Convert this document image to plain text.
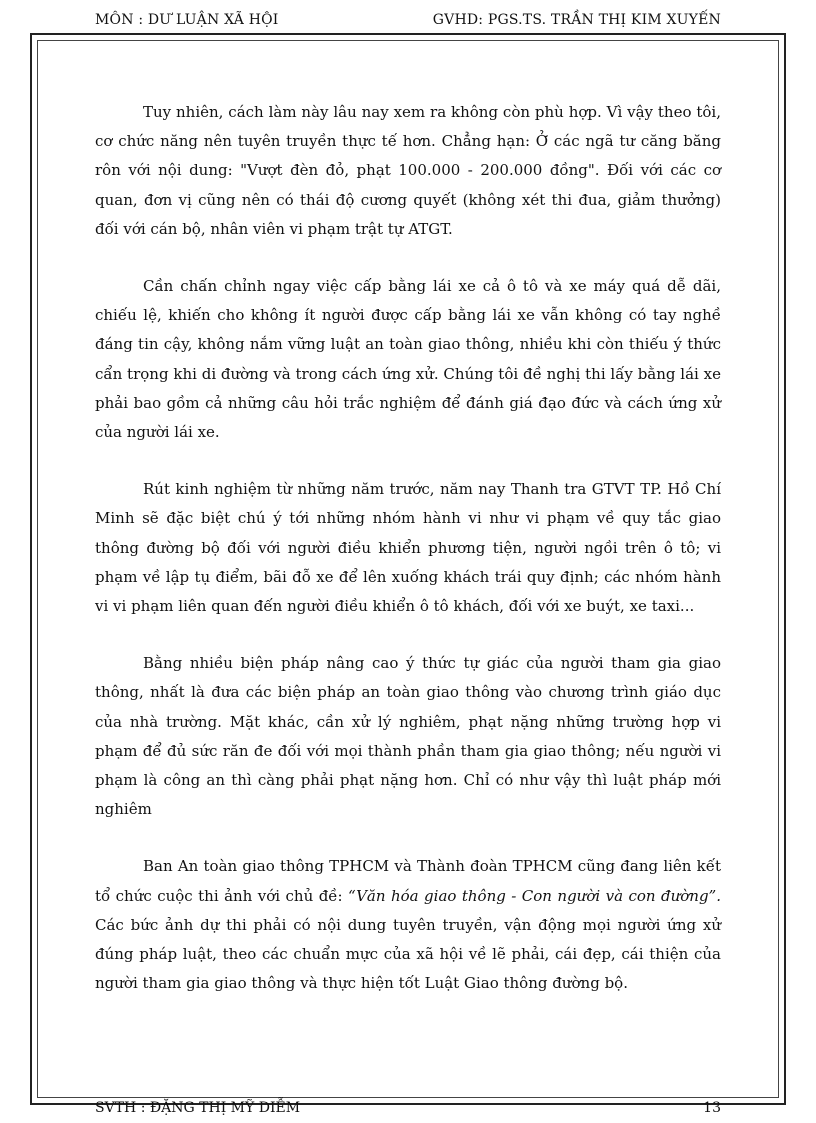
MÔN : DƯ LUẬN XÃ HỘI	GVHD: PGS.TS. TRẦN THỊ KIM XUYẾN

Tuy nhiên, cách làm này lâu nay xem ra không còn phù hợp. Vì vậy theo tôi, cơ chức năng nên tuyên truyền thực tế hơn. Chẳng hạn: Ở các ngã tư căng băng rôn với nội dung: "Vượt đèn đỏ, phạt 100.000 - 200.000 đồng". Đối với các cơ quan, đơn vị cũng nên có thái độ cương quyết (không xét thi đua, giảm thưởng) đối với cán bộ, nhân viên vi phạm trật tự ATGT.

Cần chấn chỉnh ngay việc cấp bằng lái xe cả ô tô và xe máy quá dễ dãi, chiếu lệ, khiến cho không ít người được cấp bằng lái xe vẫn không có tay nghề đáng tin cậy, không nắm vững luật an toàn giao thông, nhiều khi còn thiếu ý thức cẩn trọng khi di đường và trong cách ứng xử. Chúng tôi đề nghị thi lấy bằng lái xe phải bao gồm cả những câu hỏi trắc nghiệm để đánh giá đạo đức và cách ứng xử của người lái xe.

Rút kinh nghiệm từ những năm trước, năm nay Thanh tra GTVT TP. Hồ Chí Minh sẽ đặc biệt chú ý tới những nhóm hành vi như vi phạm về quy tắc giao thông đường bộ đối với người điều khiển phương tiện, người ngồi trên ô tô; vi phạm về lập tụ điểm, bãi đỗ xe để lên xuống khách trái quy định; các nhóm hành vi vi phạm liên quan đến người điều khiển ô tô khách, đối với xe buýt, xe taxi...

Bằng nhiều biện pháp nâng cao ý thức tự giác của người tham gia giao thông, nhất là đưa các biện pháp an toàn giao thông vào chương trình giáo dục của nhà trường. Mặt khác, cần xử lý nghiêm, phạt nặng những trường hợp vi phạm để đủ sức răn đe đối với mọi thành phần tham gia giao thông; nếu người vi phạm là công an thì càng phải phạt nặng hơn. Chỉ có như vậy thì luật pháp mới nghiêm

Ban An toàn giao thông TPHCM và Thành đoàn TPHCM cũng đang liên kết tổ chức cuộc thi ảnh với chủ đề: “Văn hóa giao thông - Con người và con đường”. Các bức ảnh dự thi phải có nội dung tuyên truyền, vận động mọi người ứng xử đúng pháp luật, theo các chuẩn mực của xã hội về lẽ phải, cái đẹp, cái thiện của người tham gia giao thông và thực hiện tốt Luật Giao thông đường bộ.

SVTH : ĐẶNG THỊ MỸ DIỄM	13
